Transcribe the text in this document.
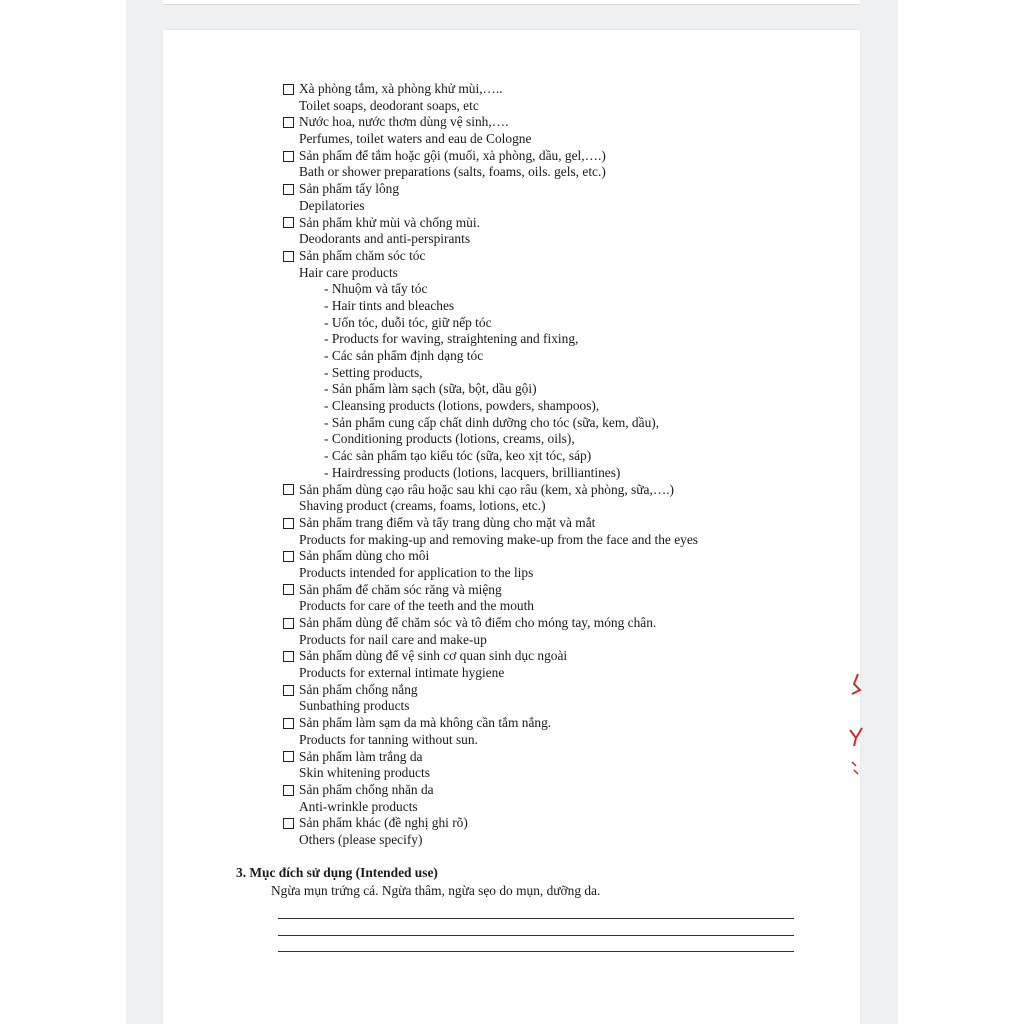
Xà phòng tắm, xà phòng khử mùi,…..
Toilet soaps, deodorant soaps, etc
Nước hoa, nước thơm dùng vệ sinh,….
Perfumes, toilet waters and eau de Cologne
Sản phẩm để tắm hoặc gội (muối, xà phòng, dầu, gel,….)
Bath or shower preparations (salts, foams, oils. gels, etc.)
Sản phẩm tẩy lông
Depilatories
Sản phẩm khử mùi và chống mùi.
Deodorants and anti-perspirants
Sản phẩm chăm sóc tóc
Hair care products
- Nhuộm và tẩy tóc
- Hair tints and bleaches
- Uốn tóc, duỗi tóc, giữ nếp tóc
- Products for waving, straightening and fixing,
- Các sản phẩm định dạng tóc
- Setting products,
- Sản phẩm làm sạch (sữa, bột, dầu gội)
- Cleansing products (lotions, powders, shampoos),
- Sản phẩm cung cấp chất dinh dưỡng cho tóc (sữa, kem, dầu),
- Conditioning products (lotions, creams, oils),
- Các sản phẩm tạo kiểu tóc (sữa, keo xịt tóc, sáp)
- Hairdressing products (lotions, lacquers, brilliantines)
Sản phẩm dùng cạo râu hoặc sau khi cạo râu (kem, xà phòng, sữa,….)
Shaving product (creams, foams, lotions, etc.)
Sản phẩm trang điểm và tẩy trang dùng cho mặt và mắt
Products for making-up and removing make-up from the face and the eyes
Sản phẩm dùng cho môi
Products intended for application to the lips
Sản phẩm để chăm sóc răng và miệng
Products for care of the teeth and the mouth
Sản phẩm dùng để chăm sóc và tô điểm cho móng tay, móng chân.
Products for nail care and make-up
Sản phẩm dùng để vệ sinh cơ quan sinh dục ngoài
Products for external intimate hygiene
Sản phẩm chống nắng
Sunbathing products
Sản phẩm làm sạm da mà không cần tắm nắng.
Products for tanning without sun.
Sản phẩm làm trắng da
Skin whitening products
Sản phẩm chống nhăn da
Anti-wrinkle products
Sản phẩm khác (đề nghị ghi rõ)
Others (please specify)
3. Mục đích sử dụng (Intended use)
Ngừa mụn trứng cá. Ngừa thâm, ngừa sẹo do mụn, dưỡng da.
